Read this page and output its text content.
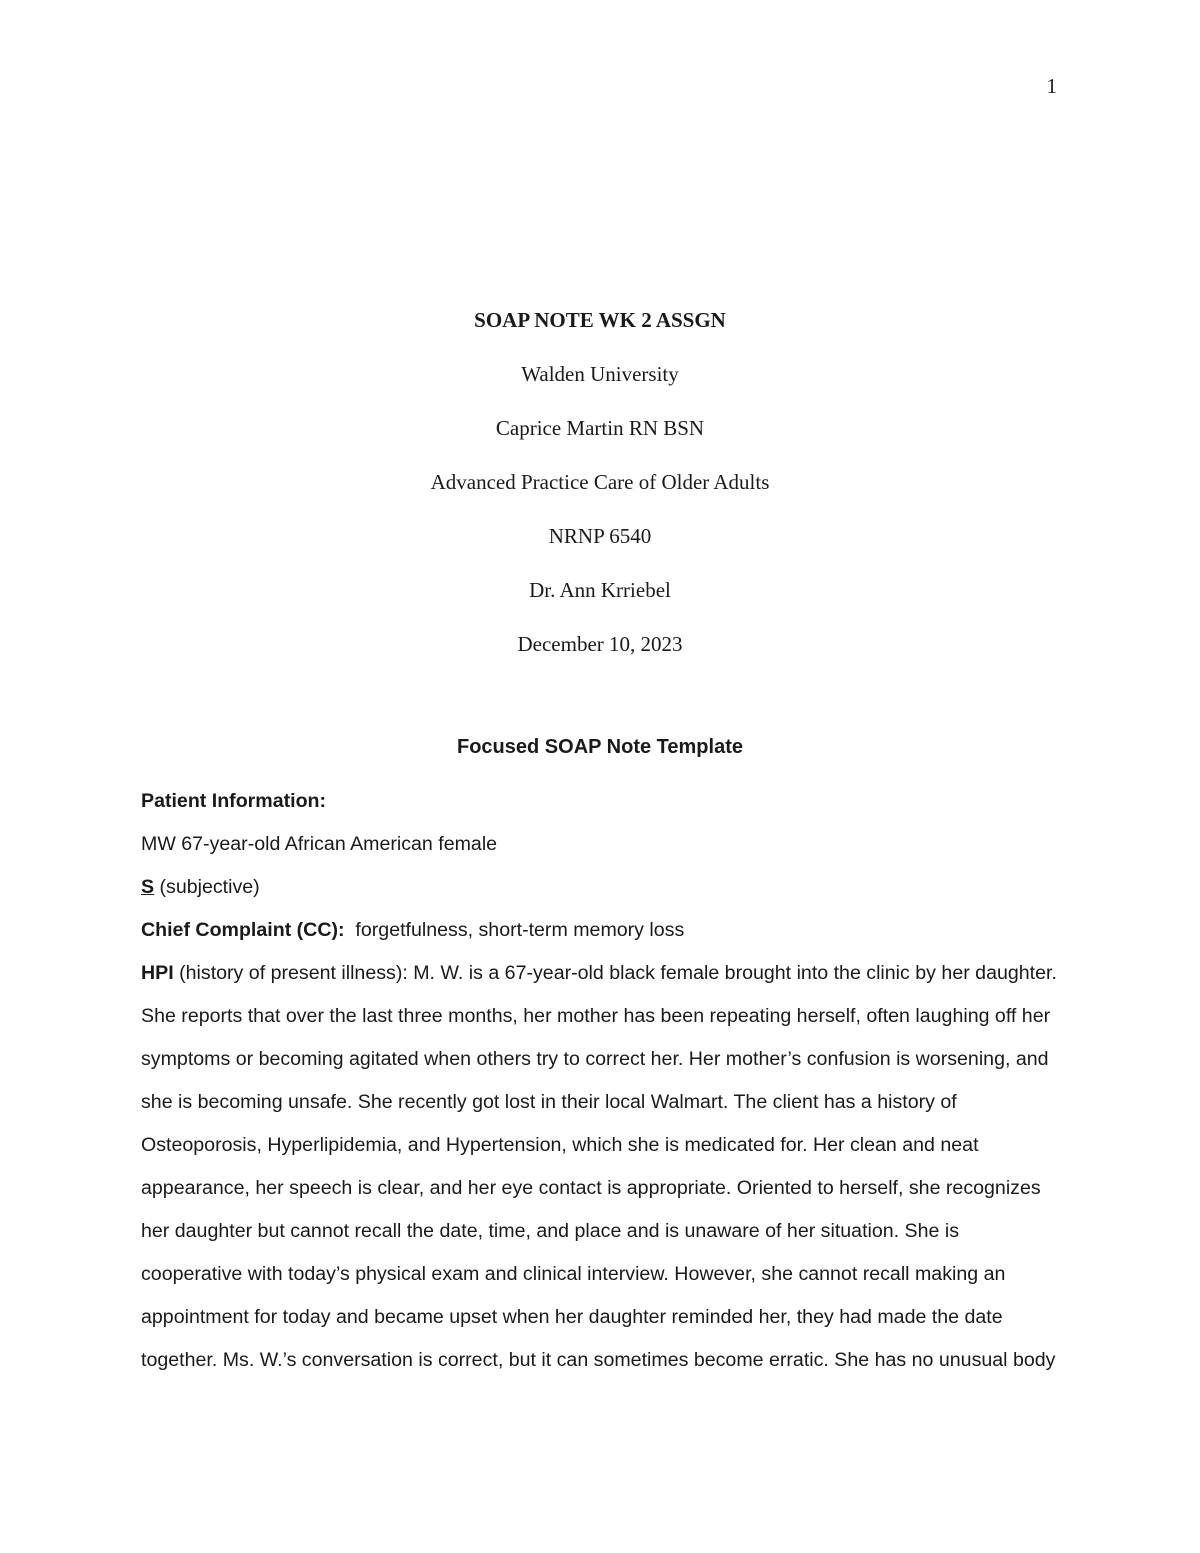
1
SOAP NOTE WK 2 ASSGN
Walden University
Caprice Martin RN BSN
Advanced Practice Care of Older Adults
NRNP 6540
Dr. Ann Krriebel
December 10, 2023
Focused SOAP Note Template

Patient Information:

MW 67-year-old African American female

S (subjective)

Chief Complaint (CC):  forgetfulness, short-term memory loss

HPI (history of present illness): M. W. is a 67-year-old black female brought into the clinic by her daughter. She reports that over the last three months, her mother has been repeating herself, often laughing off her symptoms or becoming agitated when others try to correct her. Her mother’s confusion is worsening, and she is becoming unsafe. She recently got lost in their local Walmart. The client has a history of Osteoporosis, Hyperlipidemia, and Hypertension, which she is medicated for. Her clean and neat appearance, her speech is clear, and her eye contact is appropriate. Oriented to herself, she recognizes her daughter but cannot recall the date, time, and place and is unaware of her situation. She is cooperative with today’s physical exam and clinical interview. However, she cannot recall making an appointment for today and became upset when her daughter reminded her, they had made the date together. Ms. W.’s conversation is correct, but it can sometimes become erratic. She has no unusual body
